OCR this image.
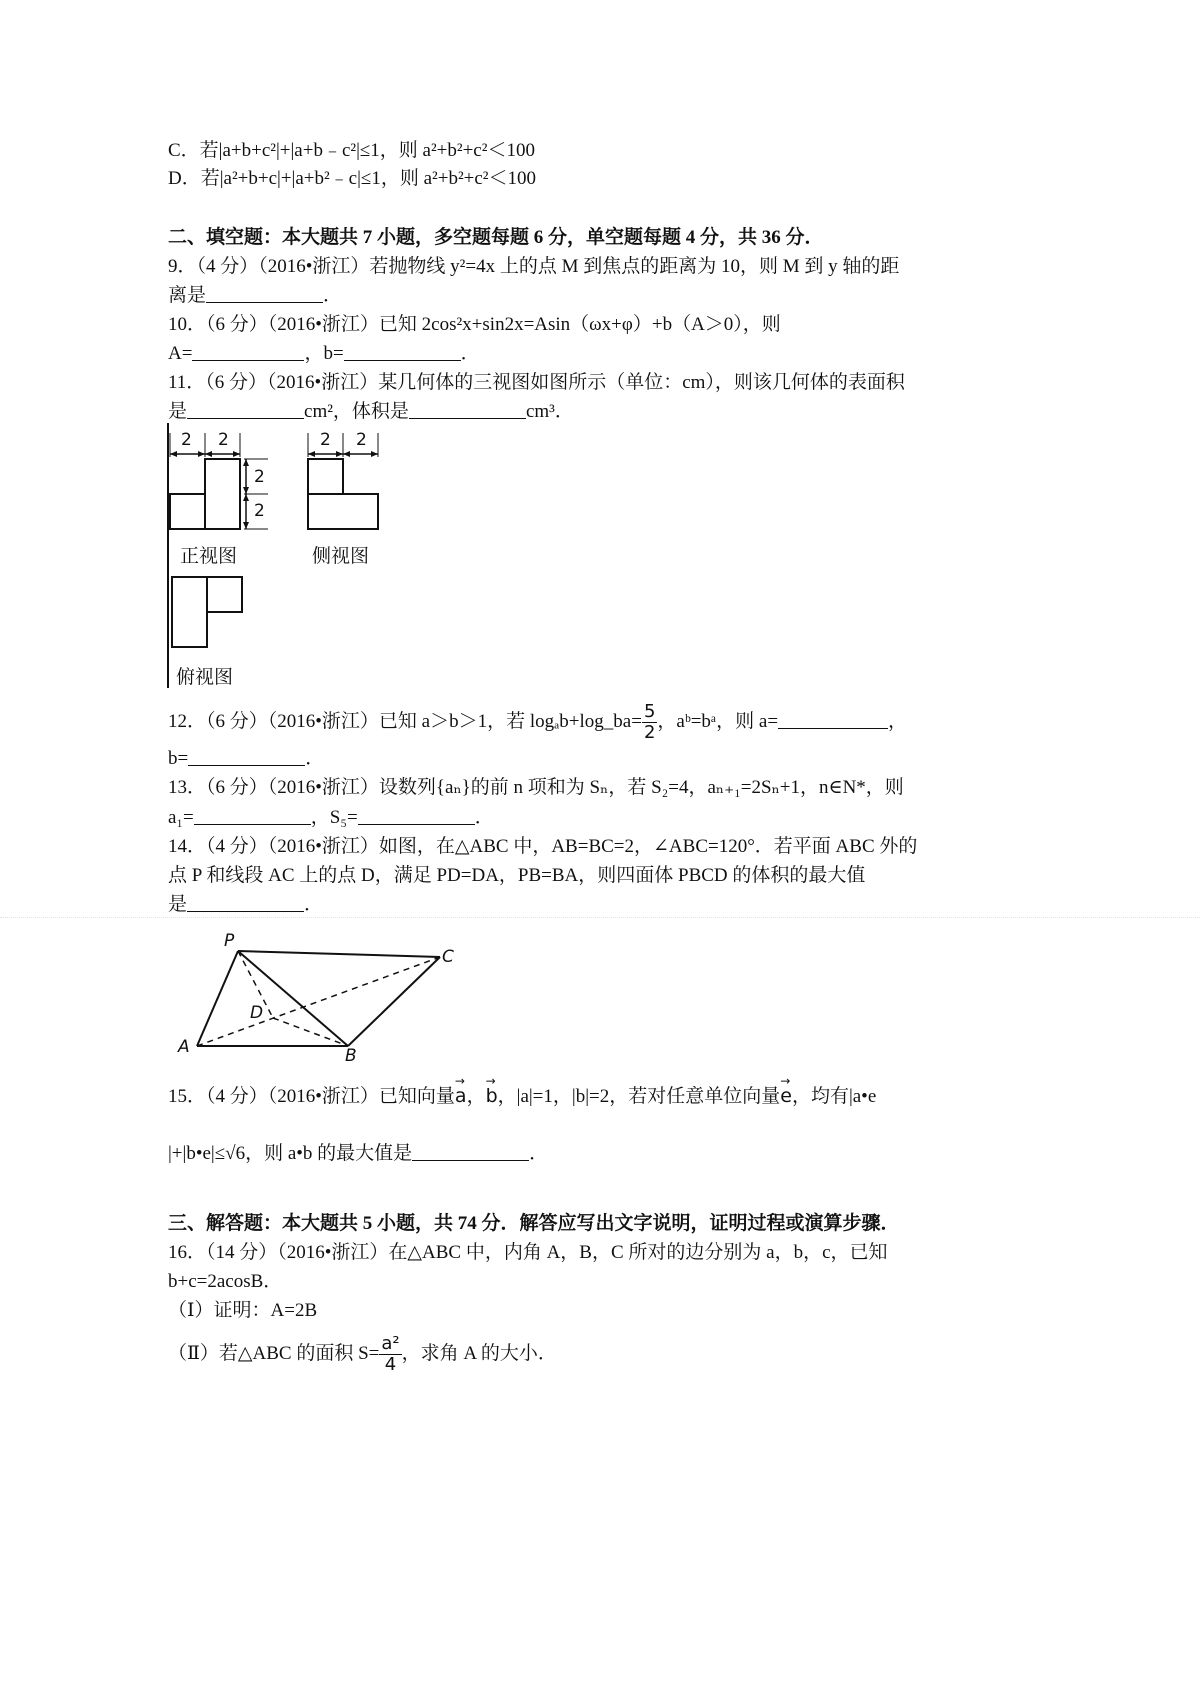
C．若|a+b+c²|+|a+b﹣c²|≤1，则 a²+b²+c²＜100
D．若|a²+b+c|+|a+b²﹣c|≤1，则 a²+b²+c²＜100
二、填空题：本大题共 7 小题，多空题每题 6 分，单空题每题 4 分，共 36 分．
9．（4 分）（2016•浙江）若抛物线 y²=4x 上的点 M 到焦点的距离为 10，则 M 到 y 轴的距
离是	．
10．（6 分）（2016•浙江）已知 2cos²x+sin2x=Asin（ωx+φ）+b（A＞0），则
A=	，b=	．
11．（6 分）（2016•浙江）某几何体的三视图如图所示（单位：cm），则该几何体的表面积
是	cm²，体积是	cm³．
2 2
2
2
2 2
正视图	侧视图
俯视图
12．（6 分）（2016•浙江）已知 a＞b＞1，若 logₐb+log_ba= $\frac{5}{2}$ ，aᵇ=bᵃ，则 a=	，
b=	．
13．（6 分）（2016•浙江）设数列{aₙ}的前 n 项和为 Sₙ，若 S₂=4，aₙ₊₁=2Sₙ+1，n∈N*，则
a₁=	，S₅=	．
14．（4 分）（2016•浙江）如图，在△ABC 中，AB=BC=2，∠ABC=120°．若平面 ABC 外的
点 P 和线段 AC 上的点 D，满足 PD=DA，PB=BA，则四面体 PBCD 的体积的最大值
是	．
P
C
D
A	B
15．（4 分）（2016•浙江）已知向量→ a，→ b，|a|=1，|b|=2，若对任意单位向量→ e，均有|a•e
|+|b•e|≤√6，则 a•b 的最大值是	．
三、解答题：本大题共 5 小题，共 74 分．解答应写出文字说明，证明过程或演算步骤．
16．（14 分）（2016•浙江）在△ABC 中，内角 A，B，C 所对的边分别为 a，b，c，已知
b+c=2acosB．
（Ⅰ）证明：A=2B
（Ⅱ）若△ABC 的面积 $S= \frac{\text{a²}}{4}$ ，求角 A 的大小．
